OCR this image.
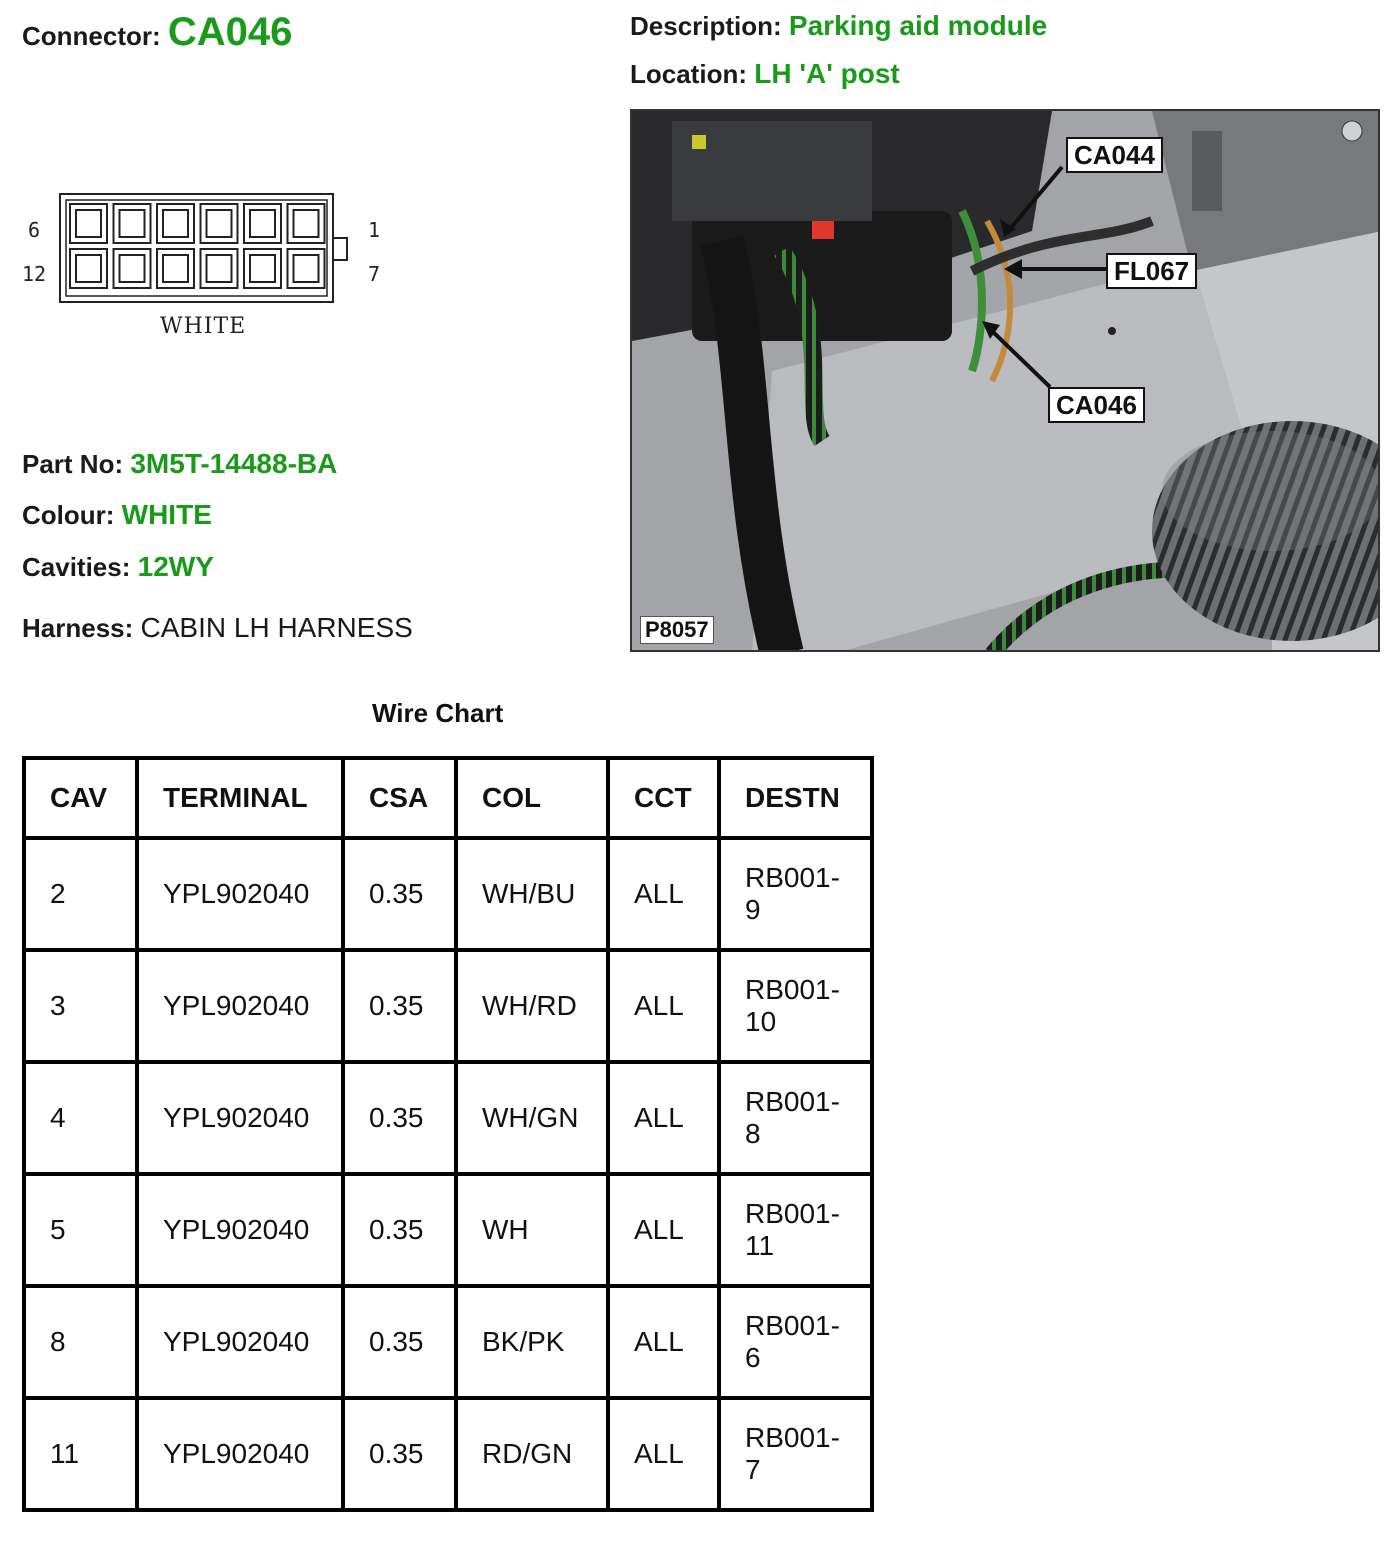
Connector: CA046	Description: Parking aid module
Location: LH 'A' post
6	1
12	7
WHITE
Part No: 3M5T-14488-BA
Colour: WHITE
Cavities: 12WY
Harness: CABIN LH HARNESS
CA044
FL067
CA046
P8057
Wire Chart
CAV	TERMINAL	CSA	COL	CCT	DESTN
2	YPL902040	0.35	WH/BU	ALL	RB001-
9
3	YPL902040	0.35	WH/RD	ALL	RB001-
10
4	YPL902040	0.35	WH/GN	ALL	RB001-
8
5	YPL902040	0.35	WH	ALL	RB001-
11
8	YPL902040	0.35	BK/PK	ALL	RB001-
6
11	YPL902040	0.35	RD/GN	ALL	RB001-
7
